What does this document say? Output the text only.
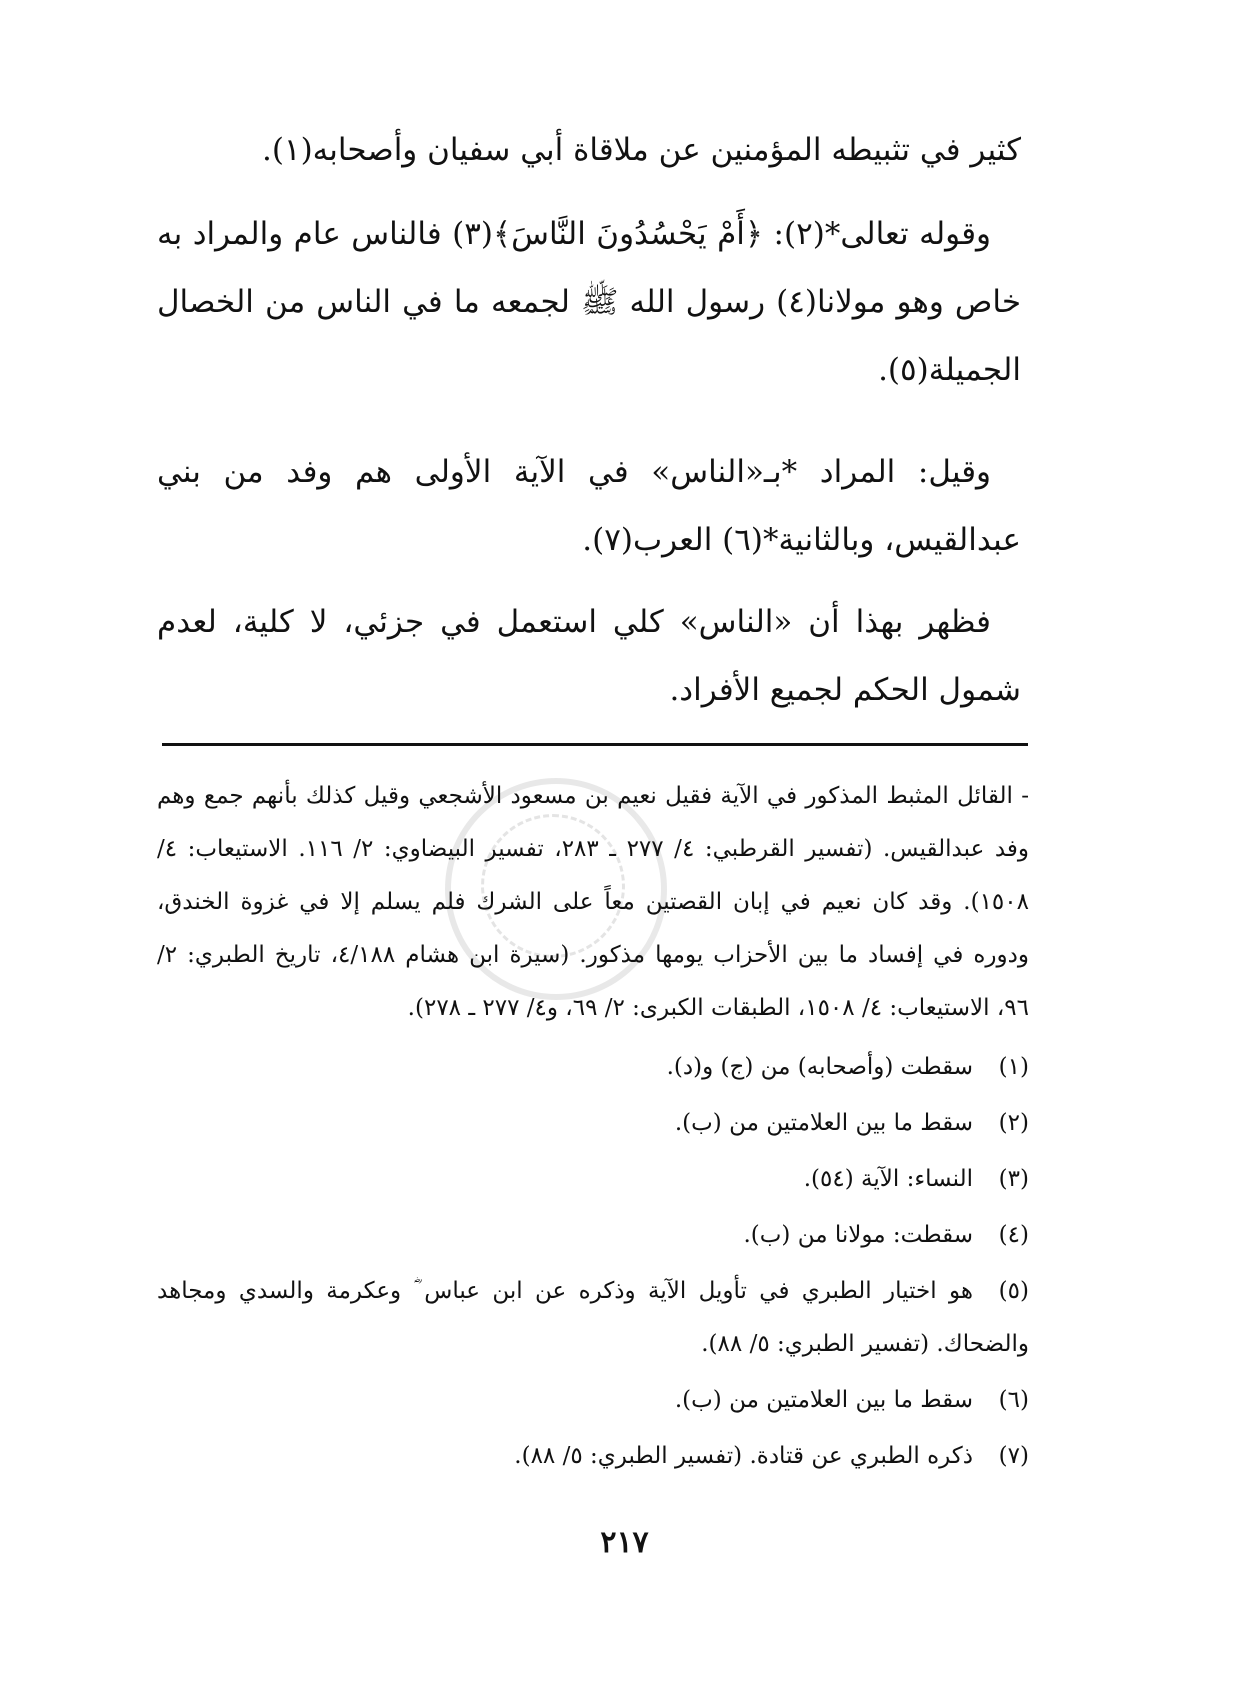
كثير في تثبيطه المؤمنين عن ملاقاة أبي سفيان وأصحابه(١).

وقوله تعالى*(٢): ﴿أَمْ يَحْسُدُونَ النَّاسَ﴾(٣) فالناس عام والمراد به خاص وهو مولانا(٤) رسول الله ﷺ لجمعه ما في الناس من الخصال الجميلة(٥).

وقيل: المراد *بـ«الناس» في الآية الأولى هم وفد من بني عبدالقيس، وبالثانية*(٦) العرب(٧).

فظهر بهذا أن «الناس» كلي استعمل في جزئي، لا كلية، لعدم شمول الحكم لجميع الأفراد.

- القائل المثبط المذكور في الآية فقيل نعيم بن مسعود الأشجعي وقيل كذلك بأنهم جمع وهم وفد عبدالقيس. (تفسير القرطبي: ٤/ ٢٧٧ ـ ٢٨٣، تفسير البيضاوي: ٢/ ١١٦. الاستيعاب: ٤/ ١٥٠٨). وقد كان نعيم في إبان القصتين معاً على الشرك فلم يسلم إلا في غزوة الخندق، ودوره في إفساد ما بين الأحزاب يومها مذكور. (سيرة ابن هشام ٤/١٨٨، تاريخ الطبري: ٢/ ٩٦، الاستيعاب: ٤/ ١٥٠٨، الطبقات الكبرى: ٢/ ٦٩، و٤/ ٢٧٧ ـ ٢٧٨).

(١)سقطت (وأصحابه) من (ج) و(د).
(٢)سقط ما بين العلامتين من (ب).
(٣)النساء: الآية (٥٤).
(٤)سقطت: مولانا من (ب).
(٥)هو اختيار الطبري في تأويل الآية وذكره عن ابن عباس ؓ وعكرمة والسدي ومجاهد والضحاك. (تفسير الطبري: ٥/ ٨٨).
(٦)سقط ما بين العلامتين من (ب).
(٧)ذكره الطبري عن قتادة. (تفسير الطبري: ٥/ ٨٨).
٢١٧
